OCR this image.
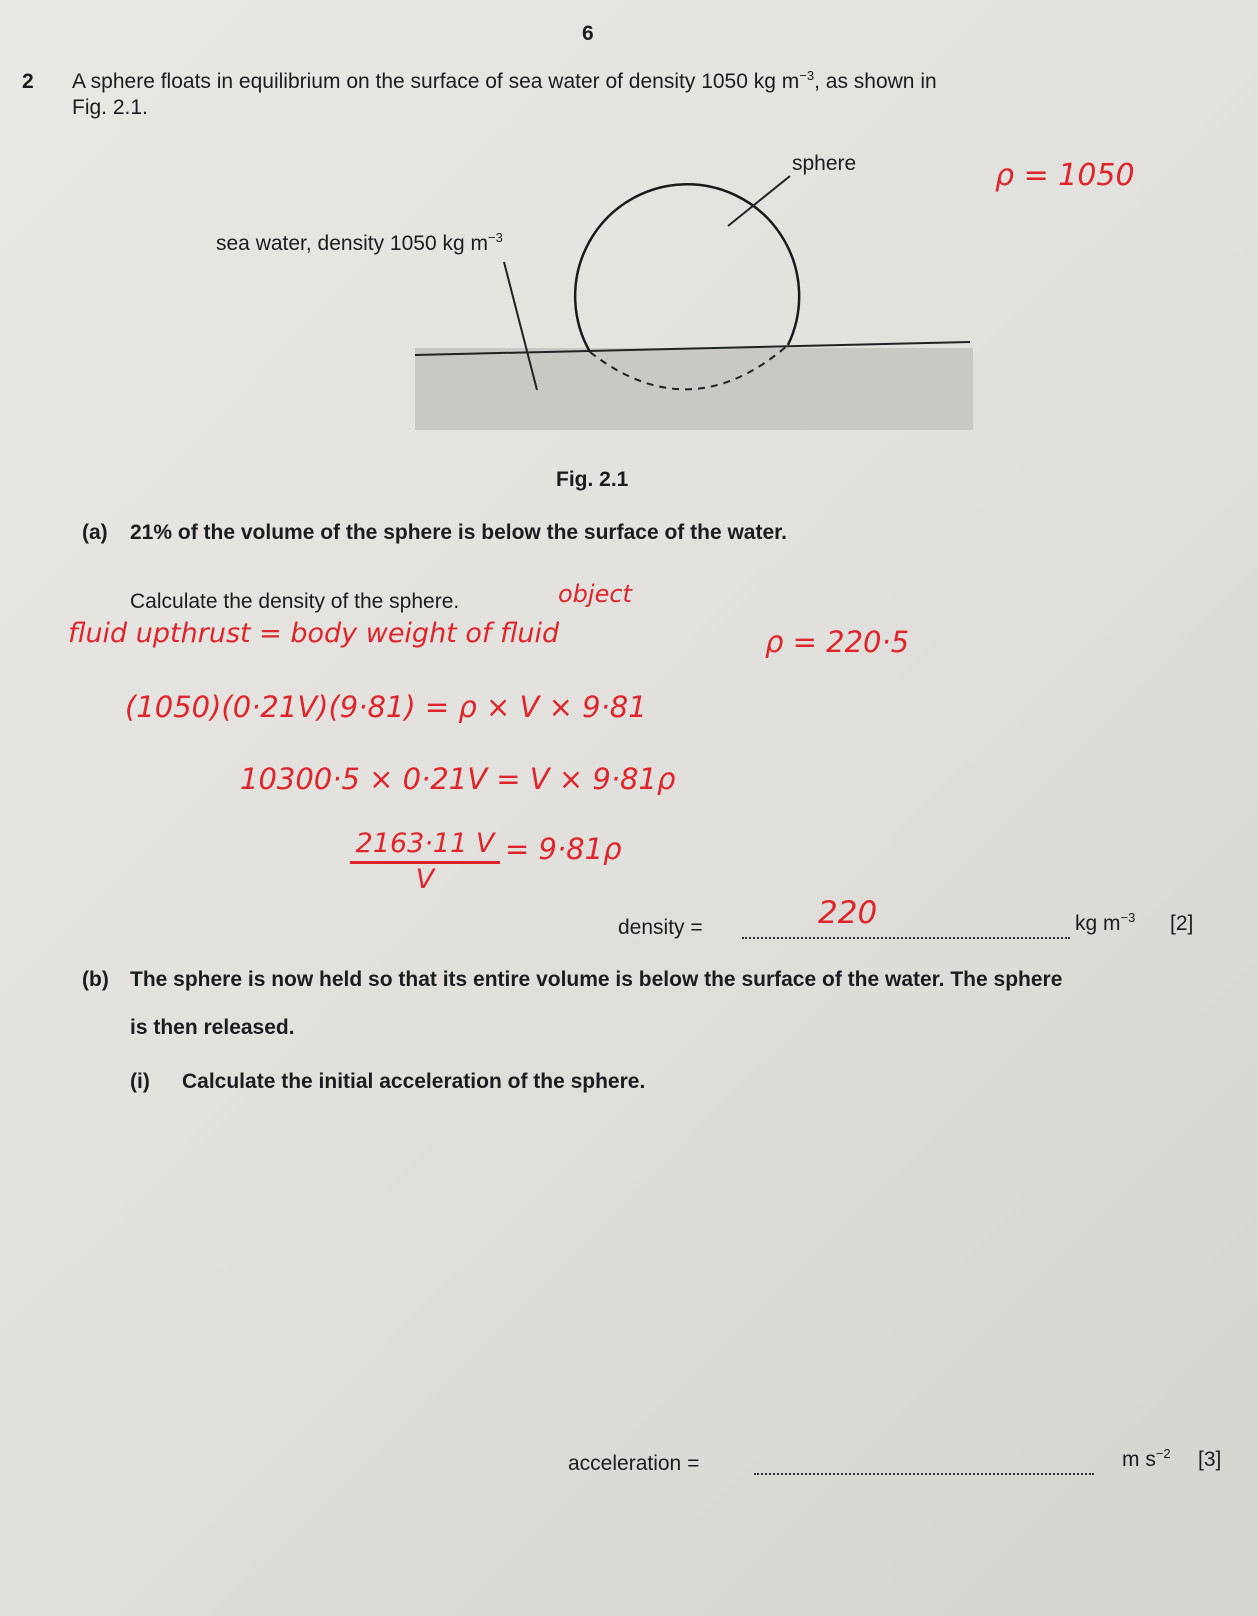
6
2 A sphere floats in equilibrium on the surface of sea water of density 1050 kg $m^{-3}$, as shown in
Fig. 2.1.
sphere
sea water, density 1050 kg $m^{-3}$
Fig. 2.1
ρ = 1050
(a) 21% of the volume of the sphere is below the surface of the water.
Calculate the density of the sphere.	object
fluid upthrust = body weight of fluid	ρ = 220·5
(1050)(0·21V)(9·81) = ρ × V × 9·81
10300·5 × 0·21V = V × 9·81ρ
$\frac{2163\cdot 11 V}{V} = 9\cdot 81\rho$
density =	220	kg $m^{-3}$ [2]
(b) The sphere is now held so that its entire volume is below the surface of the water. The sphere
is then released.
(i) Calculate the initial acceleration of the sphere.
acceleration =	m $s^{-2}$ [3]
